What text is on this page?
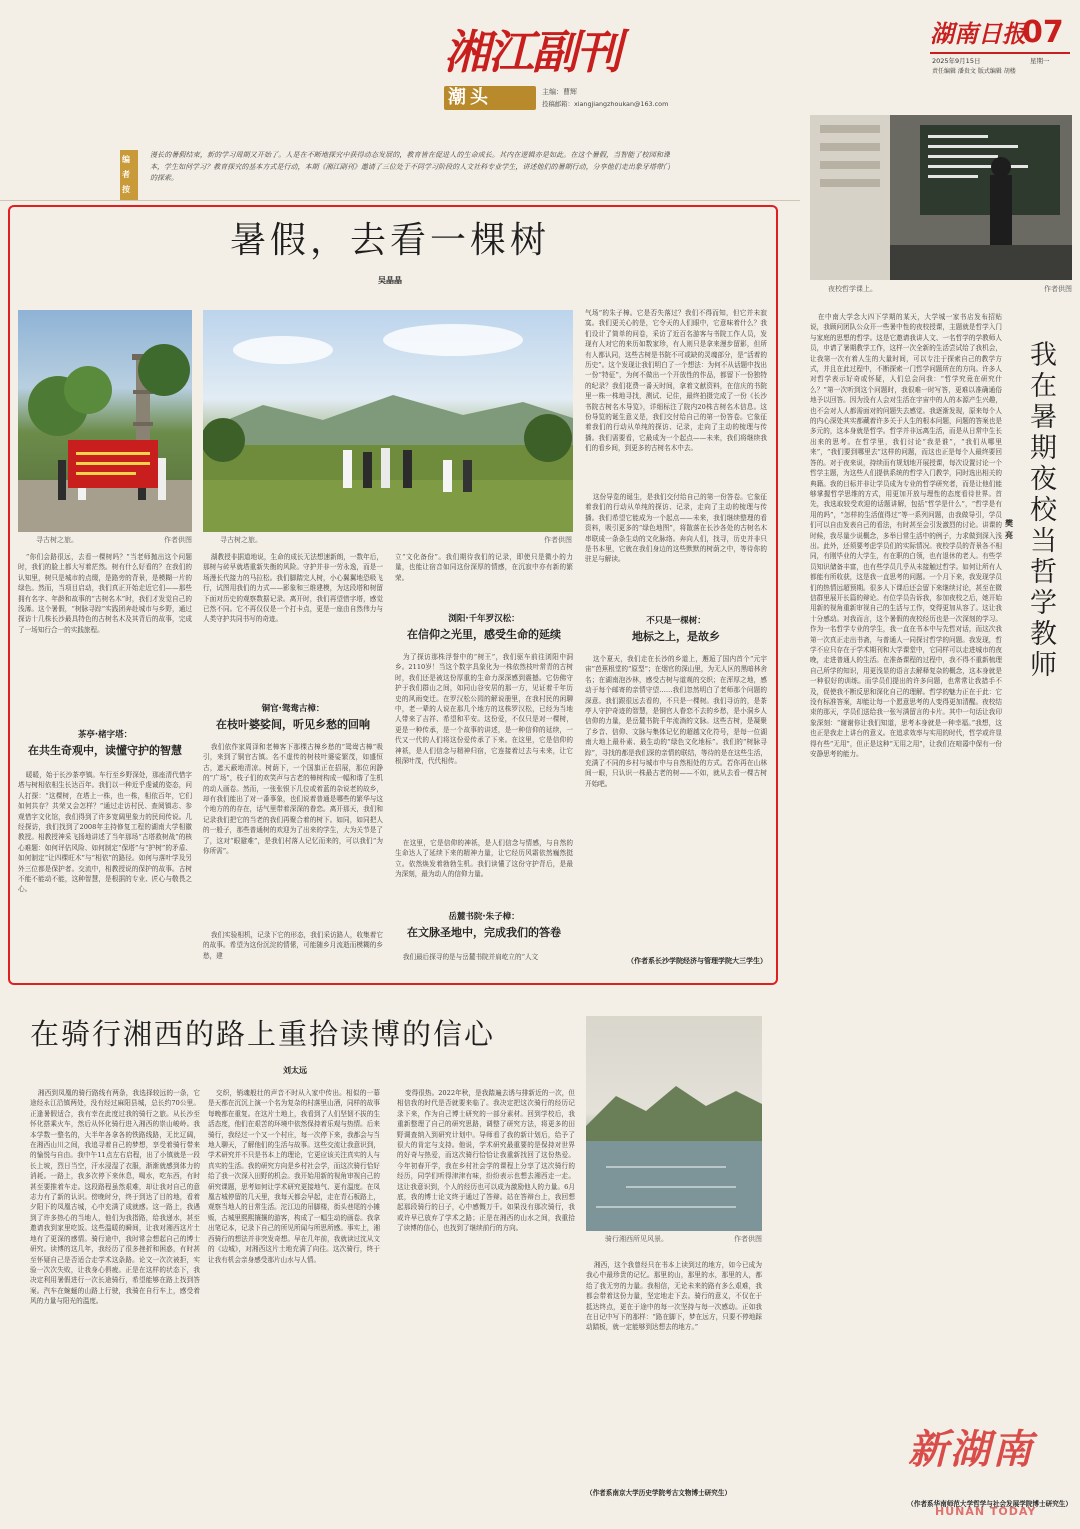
湘江副刊
潮头	主编：曹辉
投稿邮箱：xiangjiangzhoukan@163.com
湖南日报
07
2025年9月15日	星期一
责任编辑 潘贵文 版式编辑 胡楼
编者按
漫长的暑假结束，新的学习周期又开始了。人是在不断地探究中获得动态发展的，教育皆在促进人的生命成长。其内在逻辑亦是如此。在这个暑假，当智能了校园和课本，学生如何学习？教育探究的基本方式是行动，本期《湘江副刊》邀请了三位处于不同学习阶段的人文社科专业学生，讲述他们的暑期行动，分享他们走出象牙塔带门的探索。
暑假，去看一棵树
吴晶晶
寻古树之旅。	作者供图	寻古树之旅。	作者供图
“你们会路很远，去看一棵树吗？”当老师抛出这个问题时，我们的脸上都大写着茫然。树有什么好看的？在我们的认知里，树只是城市的点缀，是路旁的背景，是模糊一片的绿色。然而，当项目启动，我们真正开始走近它们——那些拥有名字、年龄和故事的“古树名木”时，我们才发觉自己的浅薄。这个暑假，“树脉寻踪”实践团奔赴城市与乡野，通过探访十几株长沙最具特色的古树名木及其背后的故事，完成了一场知行合一的实践旅程。
茶亭·楮字塔：
在共生奇观中，读懂守护的智慧
暖暖，始于长沙茶亭镇。车行至乡野深处，那座清代惜字塔与树相依相生长达百年。我们以一种近乎虔诚的姿态，问人打探：“这棵树，在塔上一株，也一株，相依百年，它们如何共存？共荣又会怎样？”通过走访村民、查阅镇志、参观惜字文化馆，我们得到了许多宽阔里象力的民间传说。几经探访，我们找到了2008年主持修复工程的湖南大学相徽教授。相教授神采飞扬地讲述了当年那场“古塔救树战”的核心难题：如何评估风险、如何制定“保塔”与“护树”的矛盾、如何制定“让四棵旺木”与“相依”的路径。如何与落叶学及另外三位都是保护者。交流中，相教授说的保护的故事。古树不能不能动不能，这种智慧，是根据的专业、匠心与敬畏之心。
湖教授非据道地说，生命的成长无法想速新朗，一数年后，那树与砖早就塔重新失衡的风险。守护并非一劳永逸，而是一场漫长代接力的马拉松。我们脚踏完人树，小心翼翼地恐吸飞行，试图用我们的力式——影象和三维建模，为这段塔和树留下面对历史的观察数据记录。离开时，我们再望惜字塔，感觉已然不同。它不再仅仅是一个打卡点，更是一座由自然伟力与人类守护共同书写的奇迹。
铜官·鸳鸯古樟：
在枝叶婆娑间，听见乡愁的回响
我们依作家周泽和老樟客下那棵古樟乡愁的“鸳鸯古樟”吸引，来到了铜官古镇。名不虚传的树枝叶婆娑繁茂，如盛恒古，遮天蔽地清凉。树荫下，一个国旗正在招展，那位闲静的“广场”，枝子们的欢笑声与古老的樟树构成一幅和谐了生机的动人画卷。然而，一张张银下几位或着蓝的杂说老的故乡，却有我们能出了对一番事象，也们说着普通是哪些的繁华与这个地方的的存在，话气里带着深深的眷恋。离开那天，我们和记录我们把它的当老的我们再聚合着的树下。如同，如同把人的一般子，那些普通树的欢迎为了出来的学生，大为关节是了了，这对“眼避难”，是我们村落人记忆而来的，可以我们“为你所需”。
我们实验相机，记录下它的形态，我们采访路人，收集着它的故事。希望为这份沉淀的情愫，可能随乡月流逝而模糊的乡愁，建
立“文化备份”。我们期待我们的记录，即使只是微小的力量，也能让宿音如同这份深厚的情感，在沉寂中亦有新的繁荣。
浏阳·千年罗汉松：
在信仰之光里，感受生命的延续
为了探访那株浮誉中的“树王”，我们驱车前往浏阳中洞乡。2110岁！当这个数字具象化为一株依然枝叶常青的古树时，我们还是被这份厚重的生命力深深感到震撼。它仿佛守护于我们群山之间，如同山谷安居的那一方，见证着千年历史的风雨变迁。在罗汉松公园的解说册里，在我村民的闲聊中，老一辈的人说在那几个地方的这株罗汉松，已经为当地人带来了吉祥、希望和平安。这份爱，不仅只是对一棵树，更是一种传承，是一个故事的讲述，是一种信仰的延续，一代又一代的人们将这份爱传承了下来。在这里，它是信仰的神祇，是人们信念与精神归宿，它连接着过去与未来，让它根深叶茂，代代相传。
在这里，它是信仰的神祇，是人们信念与情感，与自然的生命达人了延续下来的精神力量，让它经历风霜依然巍然挺立。依然焕发着勃勃生机。我们读懂了这份守护背后，是最为深刻，最为动人的信仰力量。
岳麓书院·朱子樟：
在文脉圣地中，完成我们的答卷
我们最后探寻的是与岳麓书院并肩屹立的“人文
气场”的朱子樟。它是否失落过？我们不得而知，但它并未寂寞。我们更关心的是，它令天的人们眼中，它意味着什么？我们设计了简单的问卷，采访了近百名游客与书院工作人员，发现有人对它的来历如数家珍，有人则只是拿来漫步留影，但所有人都认同，这些古树是书院不可或缺的灵魂部分，是“活着的历史”。这个发现让我们明白了一个想法：为何不从话题中找出一份“特征”，为何不做出一个开放性的作品，都留下一份独特的纪录？我们花费一番天时间，拿着文献资料，在信庆的书院里一株一株地寻找，测试、记住，最终拍摄完成了一份《长沙书院古树名木导览》，详细标注了院内20株古树名木信息。这份导览的诞生意义是，我们交付给自己的第一份答卷。它象征着我们的行动从单纯的探访、记录，走向了主动的梳理与传播。我们需要看，它最成为一个起点——未来，我们将继续我们的看乡间，到更多的古树名木中去。
这份导览的诞生，是我们交付给自己的第一份答卷。它象征着我们的行动从单纯的探访、记录，走向了主动的梳理与传播。我们希望它能成为一个起点——未来，我们继续整理的看资料，吸引更多的“绿色地图”，将散落在长沙各处的古树名木串联成一条条生动的文化脉络。奔向人们，找寻，历史并非只是书本里，它就在我们身边的这些默默的树荫之中，等待你的驻足与解读。
不只是一棵树：
地标之上，是故乡
这个夏天，我们走在长沙的乡道上，邂逅了国内首个“元宇宙”芭蕉根堂的“原型”；在烟官的深山里，为无人区的黑暗林舍名；在湖南泡沙林，感受古树与道观的交织；在浑厚之地，感动于每个邮寄的亲情守望……我们忽然明白了老师那个问题的深意。我们跟很远去看的，不只是一棵树。我们寻访的，是茶亭人守护奇迹的智慧，是铜官人眷恋不去的乡愁，是小洞乡人信仰的力量，是岳麓书院千年流淌的文脉。这些古树，是凝聚了乡音、信仰、文脉与集体记忆的超越文化符号，是每一位湖南大地上最朴素、最生动的“绿色文化地标”。我们的“树脉寻踪”，寻找的都是我们深的亲情的联结，等待的是在这些生活，充满了不同的乡村与城市中与自然相处的方式。若你再在山林间一眼，只认识一株最古老的树——不如，就从去看一棵古树开始吧。
（作者系长沙学院经济与管理学院大三学生）
夜校哲学课上。	作者供图
在中南大学念大四下学期的某天，大学城一家书店发布招贴说，我顾问团队公众开一些暑中性的夜校授课，主题就是哲学入门与家庭的思想的哲学。这是它邀请我讲人文、一名哲学的学教师人员，申请了暑期教学工作，这样一次全新的生活尝试给了我机会，让我第一次有着人生的大量时间，可以专注于探索自己的教学方式，并且在此过程中，不断探索一门哲学问题所在的方向。许多人对哲学表示好奇或怀疑，人们总会问我：“哲学究竟在研究什么？”第一次听到这个问题时，我很难一时写答，更难以准确通俗地予以回答。因为没有人会对生活在宇宙中的人的本源产生兴趣，也不会对人人都需面对的问题失去感觉。我逐渐发现，原来每个人的内心深处其实都藏着许多关于人生的根本问题，问题的答案也是多元的，这本身就是哲学。哲学并非远离生活，而是从日常中生长出来的思考。在哲学里，我们讨论“我是谁”，“我们从哪里来”，“我们要到哪里去”这样的问题，而这也正是每个人最终要回答的。对于夜来说，持续而有规划地开展授课，每次设置讨论一个哲学主题，为这些人们提供系统的哲学入门教学，同时选出相关的典籍。我的目标并非让学员成为专业的哲学研究者，而是让他们能够掌握哲学思维的方式，用更加开放与理性的态度看待世界。首先，我选取较受欢迎的话题讲解，包括“哲学是什么”，“哲学是有用的吗”，“怎样的生活值得过”等一系列问题，由我做导引，学员们可以自由发表自己的看法，有时甚至会引发激烈的讨论。讲课的时候，我尽量少说概念，多举日常生活中的例子，力求做到深入浅出。此外，还须要考虑学员们的实际情况。夜校学员的背景各不相同，有刚毕业的大学生，有在职的白领，也有退休的老人。有些学员知识储备丰富，也有些学员几乎从未接触过哲学。如何让所有人都能有所收获，这是我一直思考的问题。一个月下来，我发现学员们的热情远超预期。很多人下课后还会留下来继续讨论，甚至在微信群里展开长篇的辩论。有位学员告诉我，参加夜校之后，她开始用新的视角重新审视自己的生活与工作，变得更加从容了。这让我十分感动。对我而言，这个暑假的夜校经历也是一次深刻的学习。作为一名哲学专业的学生，我一直在书本中与先哲对话，而这次我第一次真正走出书斋，与普通人一同探讨哲学的问题。我发现，哲学不应只存在于学术期刊和大学课堂中，它同样可以走进城市的夜晚，走进普通人的生活。在准备课程的过程中，我不得不重新梳理自己所学的知识，用更浅显的语言去解释复杂的概念，这本身就是一种很好的训练。而学员们提出的许多问题，也常常让我措手不及，促使我不断反思和深化自己的理解。哲学的魅力正在于此：它没有标准答案，却能让每一个愿意思考的人变得更加清醒。夜校结束的那天，学员们送给我一张写满留言的卡片。其中一句话让我印象深刻：“谢谢你让我们知道，思考本身就是一种幸福。”我想，这也正是我走上讲台的意义。在追求效率与实用的时代，哲学或许显得有些“无用”，但正是这种“无用之用”，让我们在喧嚣中保有一份安静思考的能力。
我在暑期夜校当哲学教师
樊亮
（作者系华南师范大学哲学与社会发展学院博士研究生）
在骑行湘西的路上重拾读博的信心
刘太远
湘西到凤凰的骑行路线有两条，我选择较远的一条，它途经永江沿镇两处，没有经过麻阳县城，总长约70公里。正逢暑假适合，我有幸在此度过我的骑行之旅。从长沙至怀化搭乘火车，然后从怀化骑行进入湘西的崇山峻岭。我本学数一整名的，大半年各拿各的铁路线路，无比辽阔，在湘西山川之间，我追寻着自己的梦想，享受着骑行带来的愉悦与自由。我中午11点左右启程，出了小镇就是一段长上坡，烈日当空，汗水浸湿了衣服，渐渐就感到体力的消耗。一路上，我多次停下来休息，喝水，吃东西，有时甚至要推着车走。这段路程虽然艰难，却让我对自己的意志力有了新的认识。傍晚时分，终于到达了目的地，看着夕阳下的凤凰古城，心中充满了成就感。这一路上，我遇到了许多热心的当地人，他们为我指路，给我递水，甚至邀请我到家里吃饭。这些温暖的瞬间，让我对湘西这片土地有了更深的感情。骑行途中，我时常会想起自己的博士研究。读博的这几年，我经历了很多挫折和困惑，有时甚至怀疑自己是否适合走学术这条路。论文一次次被拒，实验一次次失败，让我身心俱疲。正是在这样的状态下，我决定利用暑假进行一次长途骑行，希望能够在路上找到答案。汽车在蜿蜒的山路上行驶，我骑在自行车上，感受着风的力量与阳光的温度。
交织，销魂般壮的声音不时从入家中传出。相似的一幕是天都在沉沉上演一个名为复杂的村落里山酒，同样的故事每晚都在重复。在这片土地上，我看到了人们坚韧不拔的生活态度，他们在艰苦的环境中依然保持着乐观与热情。后来骑行，我经过一个又一个村庄，每一次停下来，我都会与当地人聊天，了解他们的生活与故事。这些交流让我意识到，学术研究并不只是书本上的理论，它更应该关注真实的人与真实的生活。我的研究方向是乡村社会学，而这次骑行恰好给了我一次深入田野的机会。我开始用新的视角审视自己的研究课题，思考如何让学术研究更接地气、更有温度。在凤凰古城停留的几天里，我每天都会早起，走在青石板路上，观察当地人的日常生活。沱江边的吊脚楼，街头巷尾的小摊贩，古城里熙熙攘攘的游客，构成了一幅生动的画卷。我拿出笔记本，记录下自己的所见所闻与所思所感。事实上，湘西骑行的想法并非突发奇想。早在几年前，我就读过沈从文的《边城》，对湘西这片土地充满了向往。这次骑行，终于让我有机会亲身感受那片山水与人情。
变得很热。2022年秋，是我踏遍去诱与排新近的一次，但相信我的时代是否就要来临了。我决定把这次骑行的经历记录下来，作为自己博士研究的一部分素材。回到学校后，我重新整理了自己的研究思路，调整了研究方法，将更多的田野调查纳入到研究计划中。导师看了我的新计划后，给予了很大的肯定与支持。他说，学术研究最重要的是保持对世界的好奇与热爱，而这次骑行恰恰让我重新找回了这份热爱。今年初春开学，我在乡村社会学的课程上分享了这次骑行的经历，同学们听得津津有味，纷纷表示也想去湘西走一走。这让我意识到，个人的经历也可以成为激励他人的力量。6月底，我的博士论文终于通过了答辩。站在答辩台上，我回想起那段骑行的日子，心中感慨万千。如果没有那次骑行，我或许早已放弃了学术之路；正是在湘西的山水之间，我重拾了读博的信心，也找到了继续前行的方向。
骑行湘西所见风景。	作者供图
湘西，这个我曾经只在书本上读到过的地方，如今已成为我心中最珍贵的记忆。那里的山，那里的水，那里的人，都给了我无穷的力量。我相信，无论未来的路有多么艰难，我都会带着这份力量，坚定地走下去。骑行的意义，不仅在于抵达终点，更在于途中的每一次坚持与每一次感动。正如我在日记中写下的那样：“路在脚下，梦在远方，只要不停地踩动踏板，就一定能够到达想去的地方。”
（作者系南京大学历史学院考古文物博士研究生）
新湖南
HUNAN TODAY
